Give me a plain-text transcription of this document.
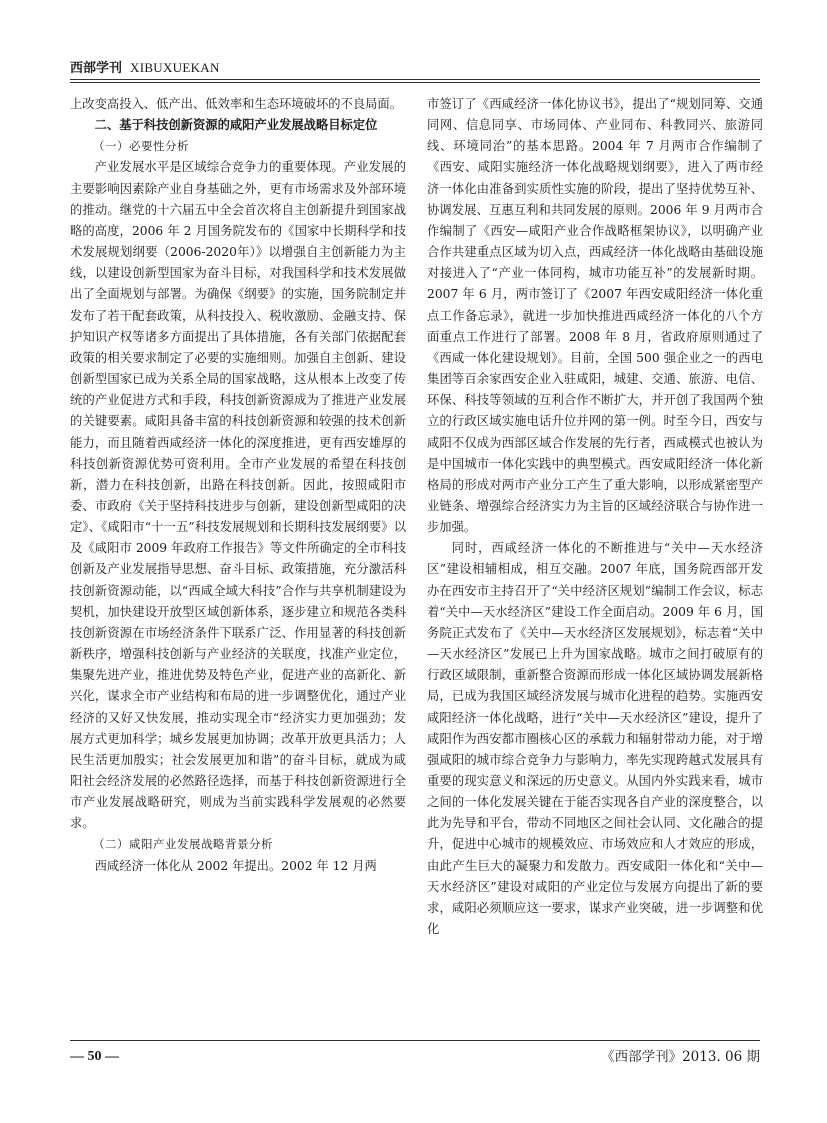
西部学刊 XIBUXUEKAN

上改变高投入、低产出、低效率和生态环境破坏的不良局面。

二、基于科技创新资源的咸阳产业发展战略目标定位

（一）必要性分析

产业发展水平是区域综合竞争力的重要体现。产业发展的主要影响因素除产业自身基础之外，更有市场需求及外部环境的推动。继党的十六届五中全会首次将自主创新提升到国家战略的高度，2006 年 2 月国务院发布的《国家中长期科学和技术发展规划纲要（2006-2020年）》以增强自主创新能力为主线，以建设创新型国家为奋斗目标，对我国科学和技术发展做出了全面规划与部署。为确保《纲要》的实施，国务院制定并发布了若干配套政策，从科技投入、税收激励、金融支持、保护知识产权等诸多方面提出了具体措施，各有关部门依据配套政策的相关要求制定了必要的实施细则。加强自主创新、建设创新型国家已成为关系全局的国家战略，这从根本上改变了传统的产业促进方式和手段，科技创新资源成为了推进产业发展的关键要素。咸阳具备丰富的科技创新资源和较强的技术创新能力，而且随着西咸经济一体化的深度推进，更有西安雄厚的科技创新资源优势可资利用。全市产业发展的希望在科技创新，潜力在科技创新，出路在科技创新。因此，按照咸阳市委、市政府《关于坚持科技进步与创新，建设创新型咸阳的决定》、《咸阳市“十一五”科技发展规划和长期科技发展纲要》以及《咸阳市 2009 年政府工作报告》等文件所确定的全市科技创新及产业发展指导思想、奋斗目标、政策措施，充分激活科技创新资源动能，以“西咸全域大科技”合作与共享机制建设为契机，加快建设开放型区域创新体系，逐步建立和规范各类科技创新资源在市场经济条件下联系广泛、作用显著的科技创新新秩序，增强科技创新与产业经济的关联度，找准产业定位，集聚先进产业，推进优势及特色产业，促进产业的高新化、新兴化，谋求全市产业结构和布局的进一步调整优化，通过产业经济的又好又快发展，推动实现全市“经济实力更加强劲；发展方式更加科学；城乡发展更加协调；改革开放更具活力；人民生活更加殷实；社会发展更加和谐”的奋斗目标，就成为咸阳社会经济发展的必然路径选择，而基于科技创新资源进行全市产业发展战略研究，则成为当前实践科学发展观的必然要求。

（二）咸阳产业发展战略背景分析

西咸经济一体化从 2002 年提出。2002 年 12 月两

市签订了《西咸经济一体化协议书》，提出了“规划同筹、交通同网、信息同享、市场同体、产业同布、科教同兴、旅游同线、环境同治”的基本思路。2004 年 7 月两市合作编制了《西安、咸阳实施经济一体化战略规划纲要》，进入了两市经济一体化由准备到实质性实施的阶段，提出了坚持优势互补、协调发展、互惠互利和共同发展的原则。2006 年 9 月两市合作编制了《西安—咸阳产业合作战略框架协议》，以明确产业合作共建重点区域为切入点，西咸经济一体化战略由基础设施对接进入了“产业一体同构，城市功能互补”的发展新时期。2007 年 6 月，两市签订了《2007 年西安咸阳经济一体化重点工作备忘录》，就进一步加快推进西咸经济一体化的八个方面重点工作进行了部署。2008 年 8 月，省政府原则通过了《西咸一体化建设规划》。目前，全国 500 强企业之一的西电集团等百余家西安企业入驻咸阳，城建、交通、旅游、电信、环保、科技等领域的互利合作不断扩大，并开创了我国两个独立的行政区域实施电话升位并网的第一例。时至今日，西安与咸阳不仅成为西部区域合作发展的先行者，西咸模式也被认为是中国城市一体化实践中的典型模式。西安咸阳经济一体化新格局的形成对两市产业分工产生了重大影响，以形成紧密型产业链条、增强综合经济实力为主旨的区域经济联合与协作进一步加强。

同时，西咸经济一体化的不断推进与“关中—天水经济区”建设相辅相成，相互交融。2007 年底，国务院西部开发办在西安市主持召开了“关中经济区规划”编制工作会议，标志着“关中—天水经济区”建设工作全面启动。2009 年 6 月，国务院正式发布了《关中—天水经济区发展规划》，标志着“关中—天水经济区”发展已上升为国家战略。城市之间打破原有的行政区域限制，重新整合资源而形成一体化区域协调发展新格局，已成为我国区域经济发展与城市化进程的趋势。实施西安咸阳经济一体化战略，进行“关中—天水经济区”建设，提升了咸阳作为西安都市圈核心区的承载力和辐射带动力能，对于增强咸阳的城市综合竞争力与影响力，率先实现跨越式发展具有重要的现实意义和深远的历史意义。从国内外实践来看，城市之间的一体化发展关键在于能否实现各自产业的深度整合，以此为先导和平台，带动不同地区之间社会认同、文化融合的提升，促进中心城市的规模效应、市场效应和人才效应的形成，由此产生巨大的凝聚力和发散力。西安咸阳一体化和“关中—天水经济区”建设对咸阳的产业定位与发展方向提出了新的要求，咸阳必须顺应这一要求，谋求产业突破，进一步调整和优化

— 50 —	《西部学刊》2013. 06 期
